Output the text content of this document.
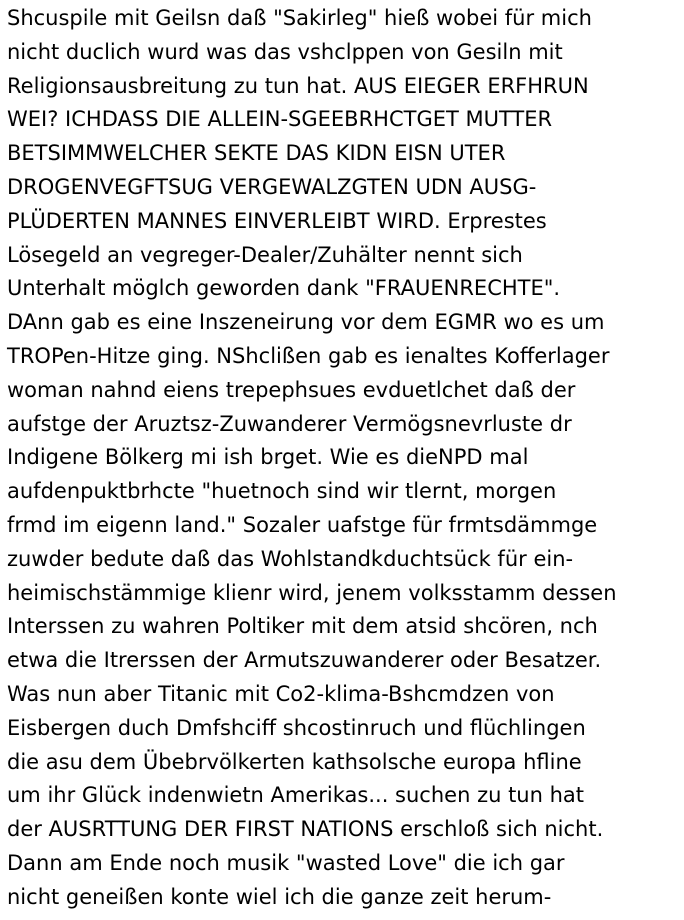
Shcuspile mit Geilsn daß "Sakirleg" hieß wobei für mich
nicht duclich wurd was das vshclppen von Gesiln mit
Religionsausbreitung zu tun hat. AUS EIEGER ERFHRUN
WEI? ICHDASS DIE ALLEIN-SGEEBRHCTGET MUTTER
BETSIMMWELCHER SEKTE DAS KIDN EISN UTER
DROGENVEGFTSUG VERGEWALZGTEN UDN AUSG-
PLÜDERTEN MANNES EINVERLEIBT WIRD. Erprestes
Lösegeld an vegreger-Dealer/Zuhälter nennt sich
Unterhalt möglch geworden dank "FRAUENRECHTE".
DAnn gab es eine Inszeneirung vor dem EGMR wo es um
TROPen-Hitze ging. NShclißen gab es ienaltes Kofferlager
woman nahnd eiens trepephsues evduetlchet daß der
aufstge der Aruztsz-Zuwanderer Vermögsnevrluste dr
Indigene Bölkerg mi ish brget. Wie es dieNPD mal
aufdenpuktbrhcte "huetnoch sind wir tlernt, morgen
frmd im eigenn land." Sozaler uafstge für frmtsdämmge
zuwder bedute daß das Wohlstandkduchtsück für ein-
heimischstämmige klienr wird, jenem volksstamm dessen
Interssen zu wahren Poltiker mit dem atsid shcören, nch
etwa die Itrerssen der Armutszuwanderer oder Besatzer.
Was nun aber Titanic mit Co2-klima-Bshcmdzen von
Eisbergen duch Dmfshciff shcostinruch und flüchlingen
die asu dem Übebrvölkerten kathsolsche europa hfline
um ihr Glück indenwietn Amerikas... suchen zu tun hat
der AUSRTTUNG DER FIRST NATIONS erschloß sich nicht.
Dann am Ende noch musik "wasted Love" die ich gar
nicht geneißen konte wiel ich die ganze zeit herum-
